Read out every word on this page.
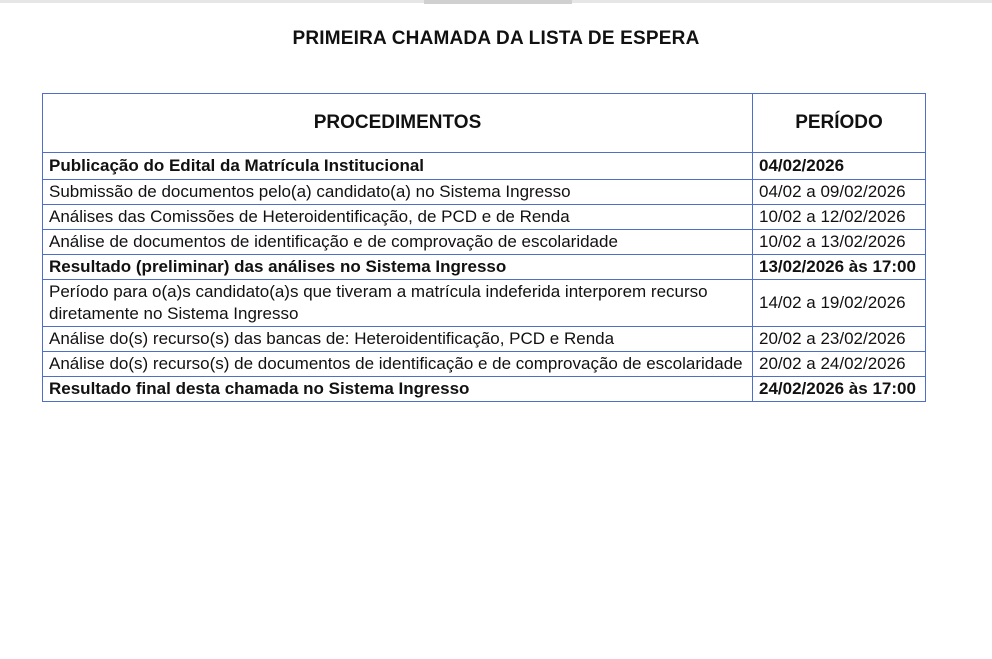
PRIMEIRA CHAMADA DA LISTA DE ESPERA
PROCEDIMENTOS	PERÍODO
Publicação do Edital da Matrícula Institucional	04/02/2026
Submissão de documentos pelo(a) candidato(a) no Sistema Ingresso	04/02 a 09/02/2026
Análises das Comissões de Heteroidentificação, de PCD e de Renda	10/02 a 12/02/2026
Análise de documentos de identificação e de comprovação de escolaridade	10/02 a 13/02/2026
Resultado (preliminar) das análises no Sistema Ingresso	13/02/2026 às 17:00
Período para o(a)s candidato(a)s que tiveram a matrícula indeferida interporem recurso diretamente no Sistema Ingresso	14/02 a 19/02/2026
Análise do(s) recurso(s) das bancas de: Heteroidentificação, PCD e Renda	20/02 a 23/02/2026
Análise do(s) recurso(s) de documentos de identificação e de comprovação de escolaridade	20/02 a 24/02/2026
Resultado final desta chamada no Sistema Ingresso	24/02/2026 às 17:00
